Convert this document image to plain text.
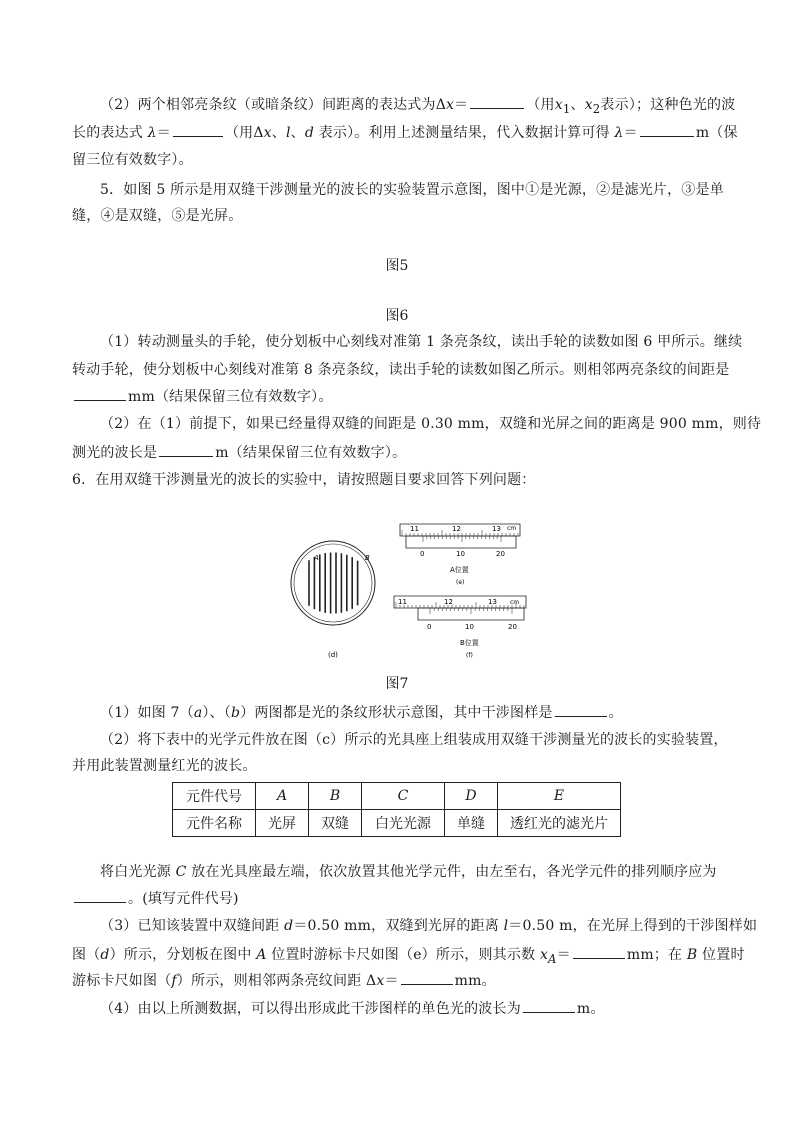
（2）两个相邻亮条纹（或暗条纹）间距离的表达式为Δx＝	（用$x_1$、$x_2$表示）；这种色光的波
长的表达式 λ＝	（用Δx、l、d 表示）。利用上述测量结果，代入数据计算可得 λ＝	m（保
留三位有效数字）。
5．如图 5 所示是用双缝干涉测量光的波长的实验装置示意图，图中①是光源，②是滤光片，③是单
缝，④是双缝，⑤是光屏。
图5
图6
（1）转动测量头的手轮，使分划板中心刻线对准第 1 条亮条纹，读出手轮的读数如图 6 甲所示。继续
转动手轮，使分划板中心刻线对准第 8 条亮条纹，读出手轮的读数如图乙所示。则相邻两亮条纹的间距是
mm（结果保留三位有效数字）。
（2）在（1）前提下，如果已经量得双缝的间距是 0.30 mm，双缝和光屏之间的距离是 900 mm，则待
测光的波长是	m（结果保留三位有效数字）。
6．在用双缝干涉测量光的波长的实验中，请按照题目要求回答下列问题：
A	B
(d)
11	12	13 cm
0	10	20
A位置
(e)
11	12	13 cm
0	10	20
B位置
(f)
图7
（1）如图 7（a）、（b）两图都是光的条纹形状示意图，其中干涉图样是	。
（2）将下表中的光学元件放在图（c）所示的光具座上组装成用双缝干涉测量光的波长的实验装置，
并用此装置测量红光的波长。
元件代号	A	B	C	D	E
元件名称	光屏	双缝	白光光源	单缝	透红光的滤光片
将白光光源 C 放在光具座最左端，依次放置其他光学元件，由左至右，各光学元件的排列顺序应为
。(填写元件代号)
（3）已知该装置中双缝间距 d＝0.50 mm，双缝到光屏的距离 l＝0.50 m，在光屏上得到的干涉图样如
图（d）所示，分划板在图中 A 位置时游标卡尺如图（e）所示，则其示数 $x_A=$	mm；在 B 位置时
游标卡尺如图（f）所示，则相邻两条亮纹间距 Δx＝	mm。
（4）由以上所测数据，可以得出形成此干涉图样的单色光的波长为	m。
